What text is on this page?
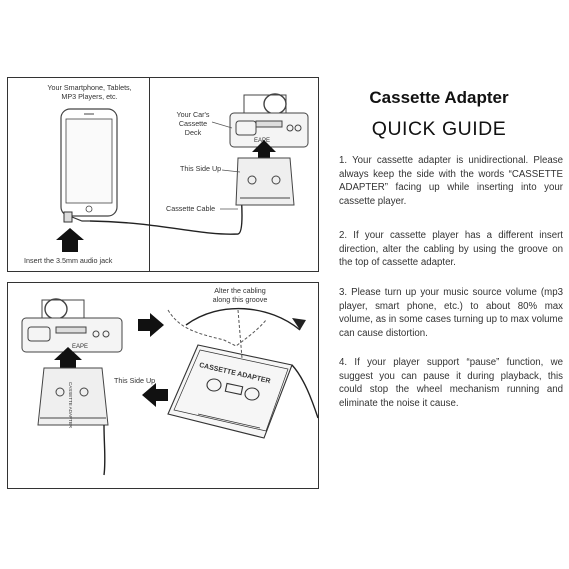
Your Smartphone, Tablets,
MP3 Players, etc.
Insert the 3.5mm audio jack
Your Car's
Cassette
Deck
This Side Up
Cassette Cable
EAPE
Alter the cabling
along this groove
This Side Up
EAPE
CASSETTE ADAPTER
CASSETTE ADAPTER
Cassette Adapter
QUICK GUIDE
1. Your cassette adapter is unidirectional. Please always keep the side with the words “CASSETTE ADAPTER” facing up while inserting into your cassette player.
2. If your cassette player has a different insert direction, alter the cabling by using the groove on the top of cassette adapter.
3. Please turn up your music source volume (mp3 player, smart phone, etc.) to about 80% max volume, as in some cases turning up to max volume can cause distortion.
4. If your player support “pause” function, we suggest you can pause it during playback, this could stop the wheel mechanism running and eliminate the noise it cause.
